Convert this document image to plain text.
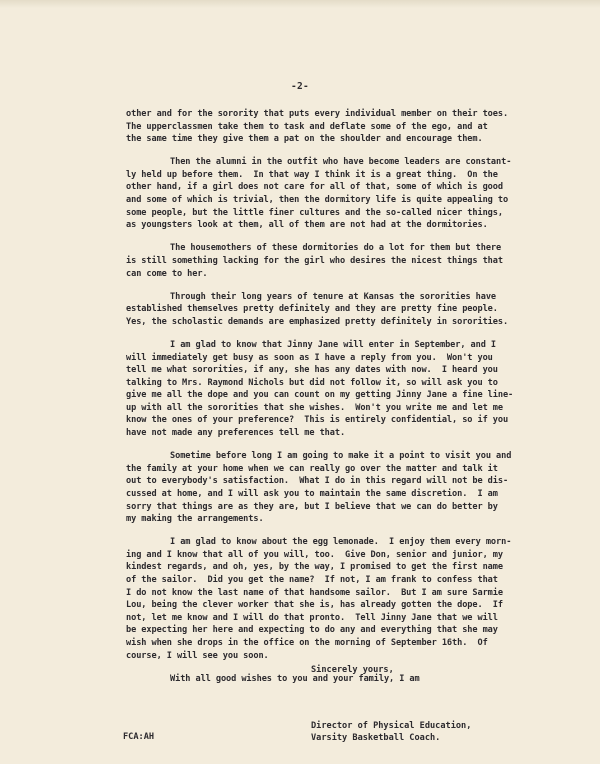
-2-
other and for the sorority that puts every individual member on their toes.
The upperclassmen take them to task and deflate some of the ego, and at
the same time they give them a pat on the shoulder and encourage them.
Then the alumni in the outfit who have become leaders are constant-
ly held up before them.  In that way I think it is a great thing.  On the
other hand, if a girl does not care for all of that, some of which is good
and some of which is trivial, then the dormitory life is quite appealing to
some people, but the little finer cultures and the so-called nicer things,
as youngsters look at them, all of them are not had at the dormitories.
The housemothers of these dormitories do a lot for them but there
is still something lacking for the girl who desires the nicest things that
can come to her.
Through their long years of tenure at Kansas the sororities have
established themselves pretty definitely and they are pretty fine people.
Yes, the scholastic demands are emphasized pretty definitely in sororities.
I am glad to know that Jinny Jane will enter in September, and I
will immediately get busy as soon as I have a reply from you.  Won't you
tell me what sororities, if any, she has any dates with now.  I heard you
talking to Mrs. Raymond Nichols but did not follow it, so will ask you to
give me all the dope and you can count on my getting Jinny Jane a fine line-
up with all the sororities that she wishes.  Won't you write me and let me
know the ones of your preference?  This is entirely confidential, so if you
have not made any preferences tell me that.
Sometime before long I am going to make it a point to visit you and
the family at your home when we can really go over the matter and talk it
out to everybody's satisfaction.  What I do in this regard will not be dis-
cussed at home, and I will ask you to maintain the same discretion.  I am
sorry that things are as they are, but I believe that we can do better by
my making the arrangements.
I am glad to know about the egg lemonade.  I enjoy them every morn-
ing and I know that all of you will, too.  Give Don, senior and junior, my
kindest regards, and oh, yes, by the way, I promised to get the first name
of the sailor.  Did you get the name?  If not, I am frank to confess that
I do not know the last name of that handsome sailor.  But I am sure Sarmie
Lou, being the clever worker that she is, has already gotten the dope.  If
not, let me know and I will do that pronto.  Tell Jinny Jane that we will
be expecting her here and expecting to do any and everything that she may
wish when she drops in the office on the morning of September 16th.  Of
course, I will see you soon.
With all good wishes to you and your family, I am
Sincerely yours,
Director of Physical Education,
Varsity Basketball Coach.
FCA:AH
